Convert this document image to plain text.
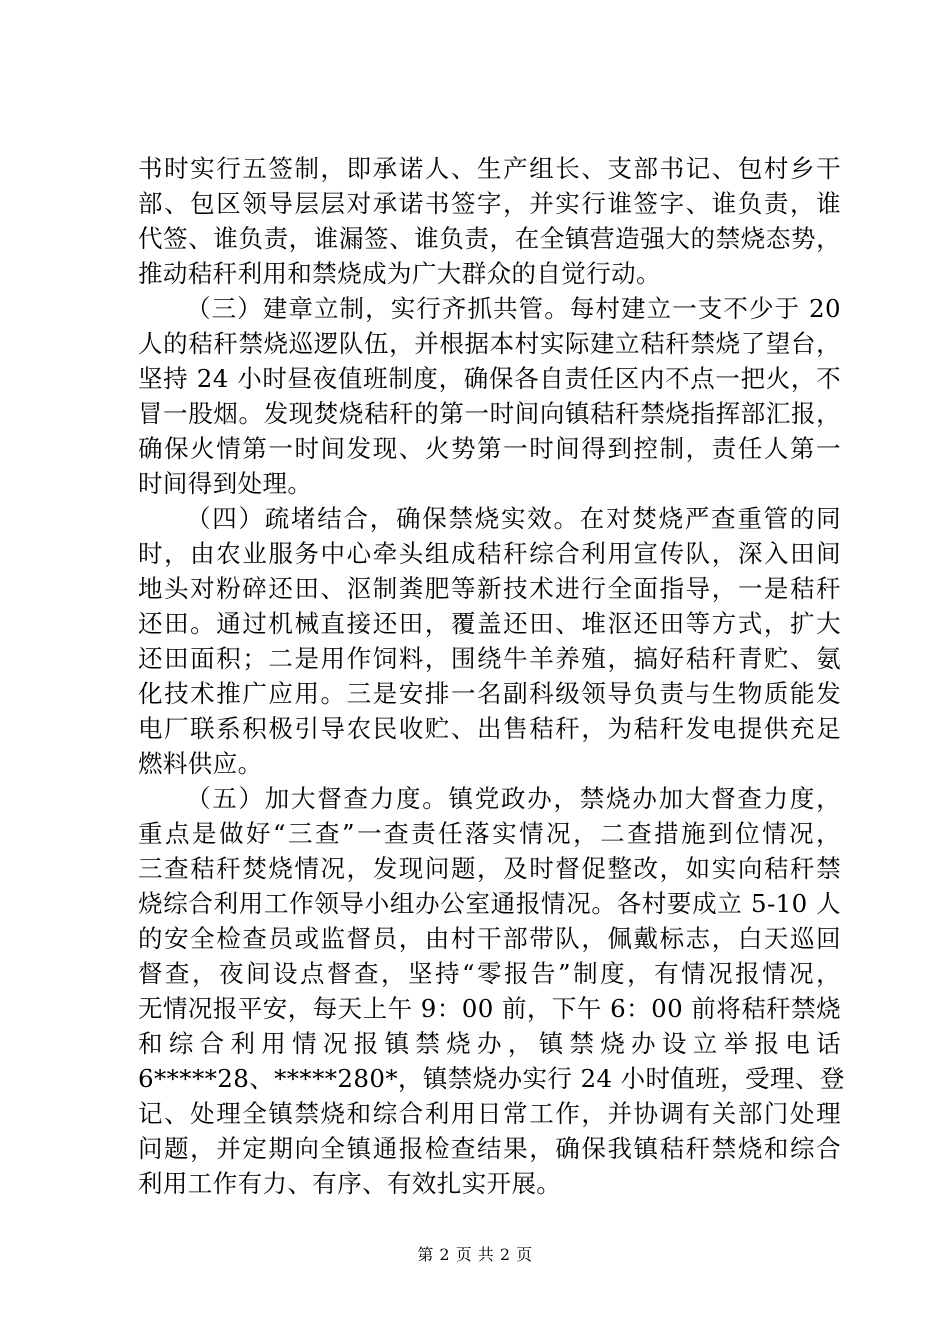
书时实行五签制，即承诺人、生产组长、支部书记、包村乡干
部、包区领导层层对承诺书签字，并实行谁签字、谁负责，谁
代签、谁负责，谁漏签、谁负责，在全镇营造强大的禁烧态势，
推动秸秆利用和禁烧成为广大群众的自觉行动。
（三）建章立制，实行齐抓共管。每村建立一支不少于 20
人的秸秆禁烧巡逻队伍，并根据本村实际建立秸秆禁烧了望台，
坚持 24 小时昼夜值班制度，确保各自责任区内不点一把火，不
冒一股烟。发现焚烧秸秆的第一时间向镇秸秆禁烧指挥部汇报，
确保火情第一时间发现、火势第一时间得到控制，责任人第一
时间得到处理。
（四）疏堵结合，确保禁烧实效。在对焚烧严查重管的同
时，由农业服务中心牵头组成秸秆综合利用宣传队，深入田间
地头对粉碎还田、沤制粪肥等新技术进行全面指导，一是秸秆
还田。通过机械直接还田，覆盖还田、堆沤还田等方式，扩大
还田面积；二是用作饲料，围绕牛羊养殖，搞好秸秆青贮、氨
化技术推广应用。三是安排一名副科级领导负责与生物质能发
电厂联系积极引导农民收贮、出售秸秆，为秸秆发电提供充足
燃料供应。
（五）加大督查力度。镇党政办，禁烧办加大督查力度，
重点是做好“三查”一查责任落实情况，二查措施到位情况，
三查秸秆焚烧情况，发现问题，及时督促整改，如实向秸秆禁
烧综合利用工作领导小组办公室通报情况。各村要成立 5-10 人
的安全检查员或监督员，由村干部带队，佩戴标志，白天巡回
督查，夜间设点督查，坚持“零报告”制度，有情况报情况，
无情况报平安，每天上午 9：00 前，下午 6：00 前将秸秆禁烧
和综合利用情况报镇禁烧办，镇禁烧办设立举报电话
6*****28、*****280*，镇禁烧办实行 24 小时值班，受理、登
记、处理全镇禁烧和综合利用日常工作，并协调有关部门处理
问题，并定期向全镇通报检查结果，确保我镇秸秆禁烧和综合
利用工作有力、有序、有效扎实开展。
第 2 页 共 2 页
